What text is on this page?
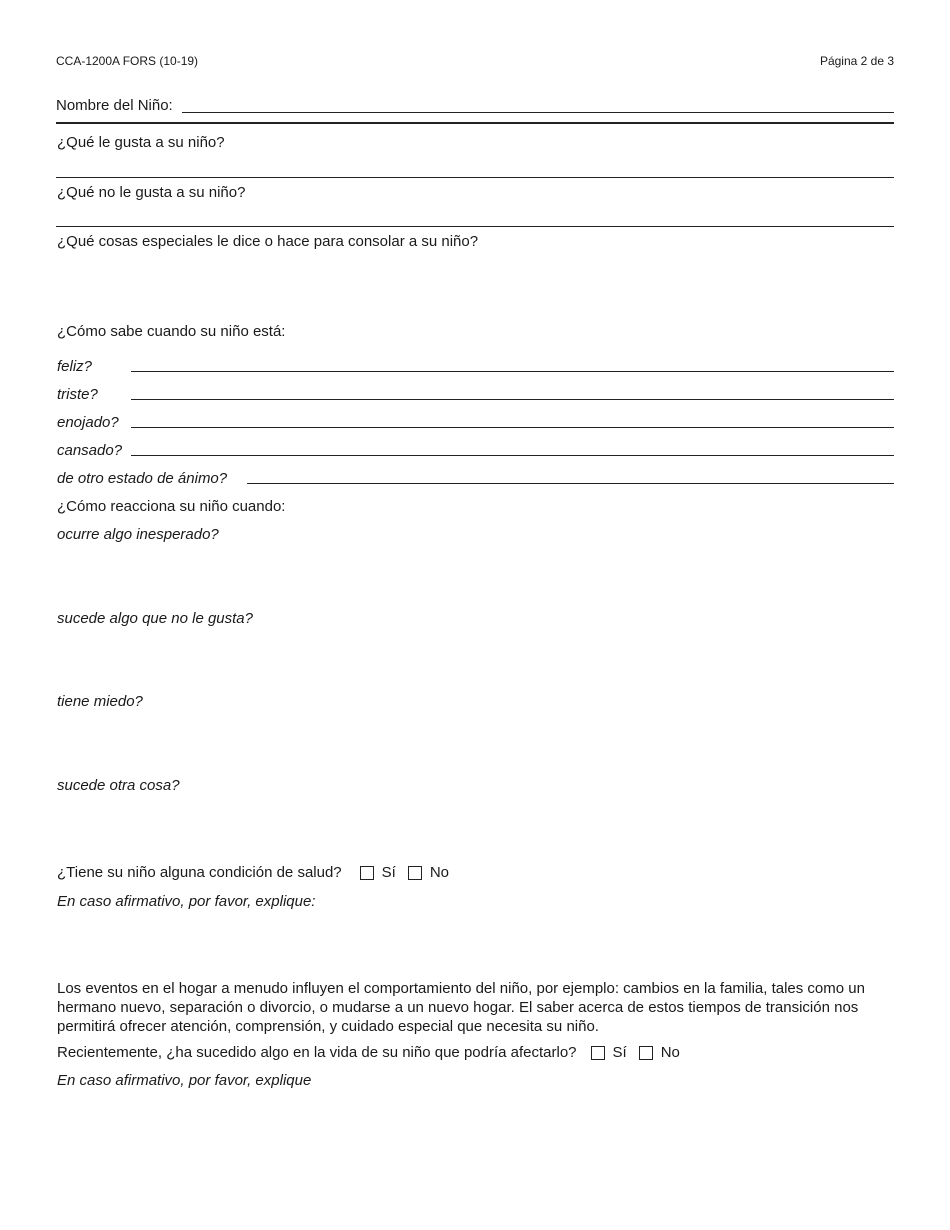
CCA-1200A FORS (10-19)	Página 2 de 3
Nombre del Niño:
¿Qué le gusta a su niño?
¿Qué no le gusta a su niño?
¿Qué cosas especiales le dice o hace para consolar a su niño?
¿Cómo sabe cuando su niño está:
feliz?
triste?
enojado?
cansado?
de otro estado de ánimo?
¿Cómo reacciona su niño cuando:
ocurre algo inesperado?
sucede algo que no le gusta?
tiene miedo?
sucede otra cosa?
¿Tiene su niño alguna condición de salud?	Sí No
En caso afirmativo, por favor, explique:
Los eventos en el hogar a menudo influyen el comportamiento del niño, por ejemplo: cambios en la familia, tales como un hermano nuevo, separación o divorcio, o mudarse a un nuevo hogar. El saber acerca de estos tiempos de transición nos permitirá ofrecer atención, comprensión, y cuidado especial que necesita su niño.
Recientemente, ¿ha sucedido algo en la vida de su niño que podría afectarlo? Sí No
En caso afirmativo, por favor, explique
